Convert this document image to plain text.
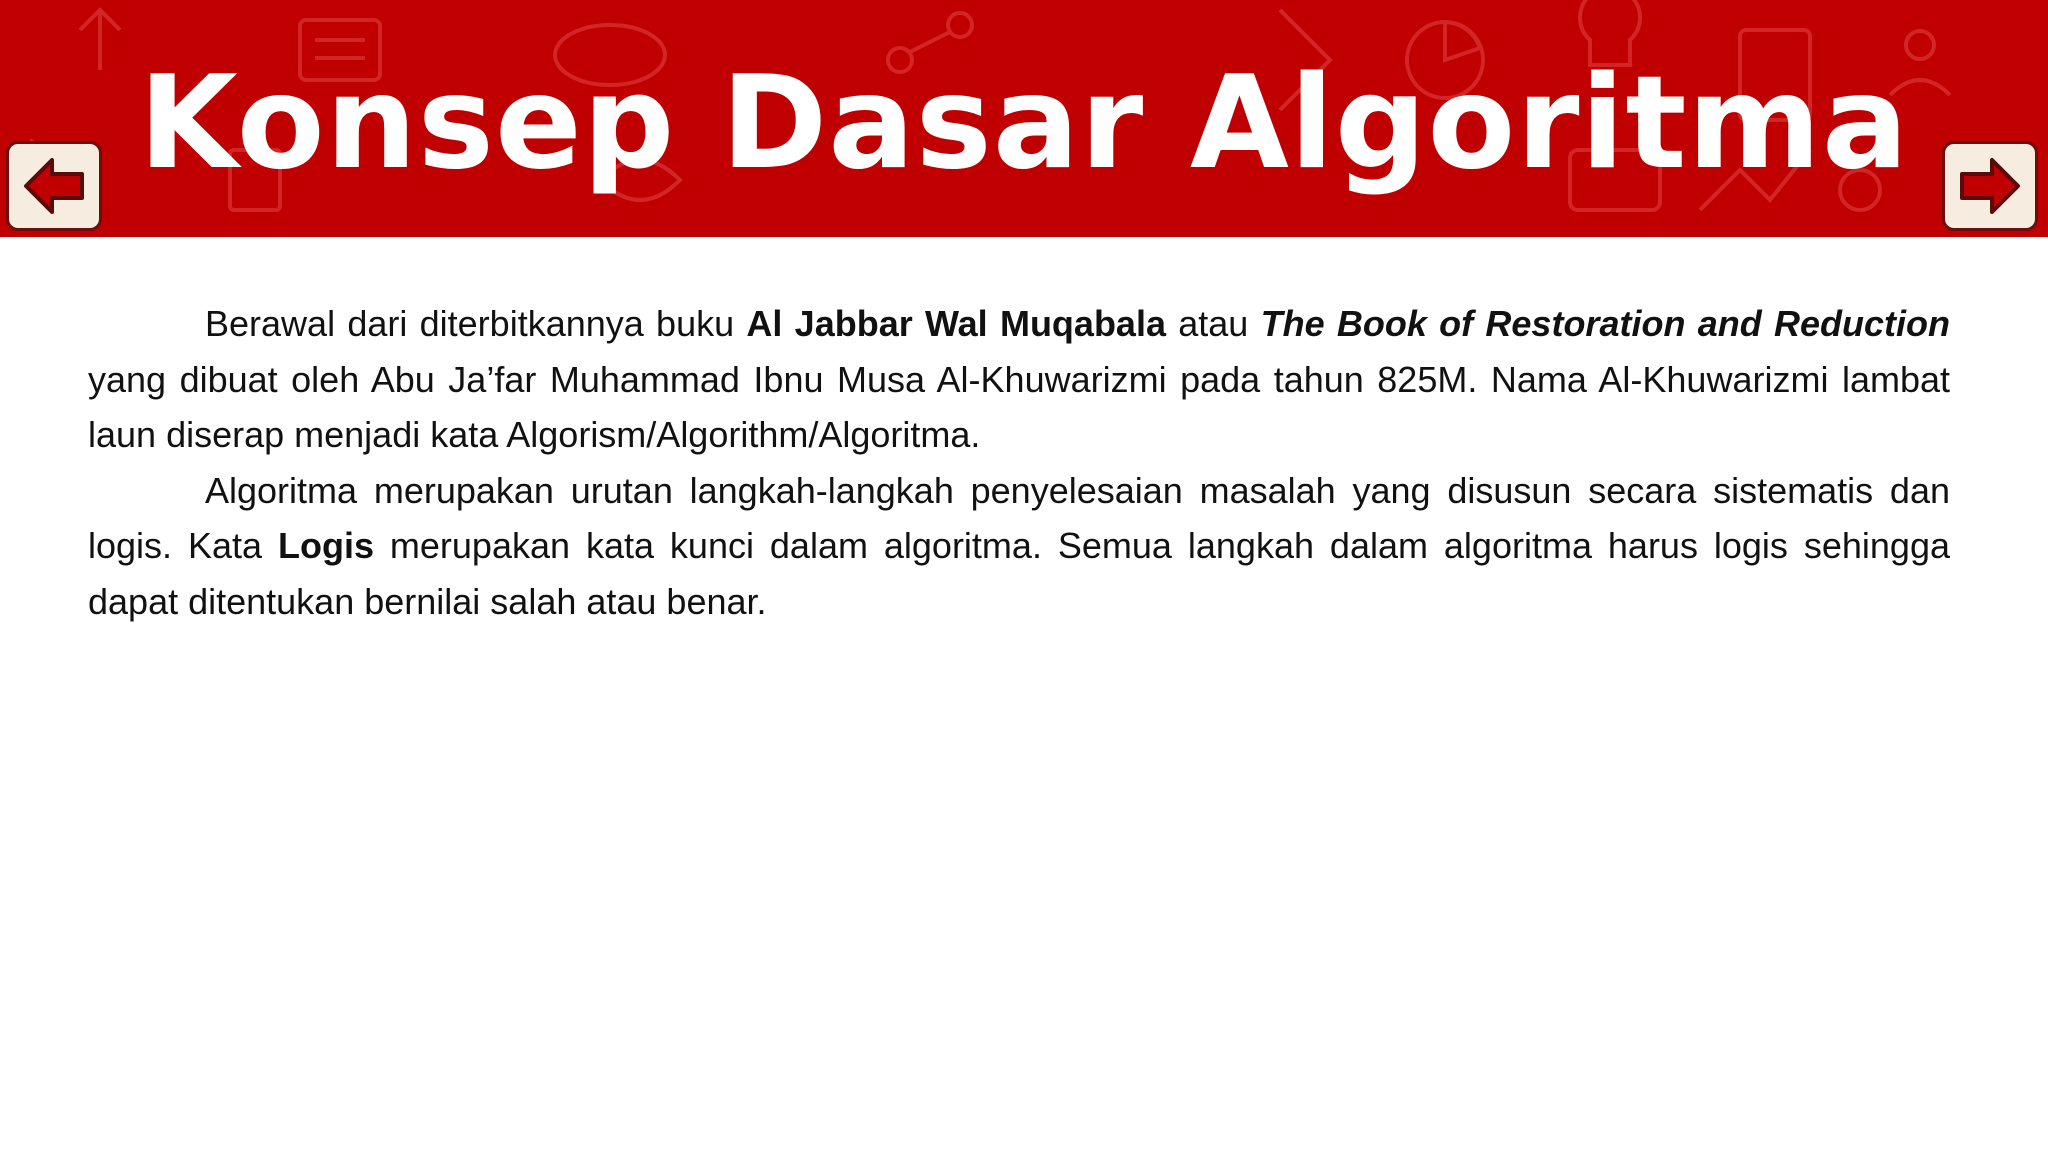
Konsep Dasar Algoritma

Berawal dari diterbitkannya buku Al Jabbar Wal Muqabala atau The Book of Restoration and Reduction yang dibuat oleh Abu Ja’far Muhammad Ibnu Musa Al-Khuwarizmi pada tahun 825M. Nama Al-Khuwarizmi lambat laun diserap menjadi kata Algorism/Algorithm/Algoritma.

Algoritma merupakan urutan langkah-langkah penyelesaian masalah yang disusun secara sistematis dan logis. Kata Logis merupakan kata kunci dalam algoritma. Semua langkah dalam algoritma harus logis sehingga dapat ditentukan bernilai salah atau benar.
